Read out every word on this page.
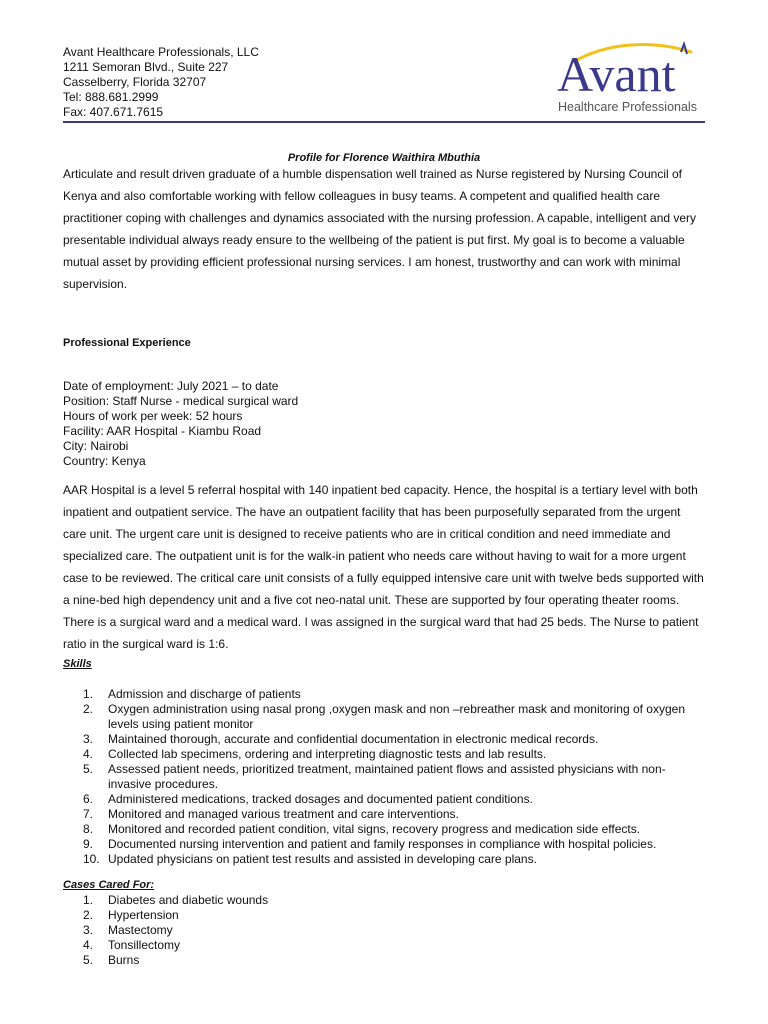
Avant Healthcare Professionals, LLC
1211 Semoran Blvd., Suite 227
Casselberry, Florida 32707
Tel: 888.681.2999
Fax: 407.671.7615
Avant
Healthcare Professionals
Profile for Florence Waithira Mbuthia
Articulate and result driven graduate of a humble dispensation well trained as Nurse registered by Nursing Council of Kenya and also comfortable working with fellow colleagues in busy teams. A competent and qualified health care practitioner coping with challenges and dynamics associated with the nursing profession. A capable, intelligent and very presentable individual always ready ensure to the wellbeing of the patient is put first. My goal is to become a valuable mutual asset by providing efficient professional nursing services. I am honest, trustworthy and can work with minimal supervision.
Professional Experience
Date of employment: July 2021 – to date
Position: Staff Nurse - medical surgical ward
Hours of work per week: 52 hours
Facility: AAR Hospital - Kiambu Road
City: Nairobi
Country: Kenya
AAR Hospital is a level 5 referral hospital with 140 inpatient bed capacity. Hence, the hospital is a tertiary level with both inpatient and outpatient service. The have an outpatient facility that has been purposefully separated from the urgent care unit. The urgent care unit is designed to receive patients who are in critical condition and need immediate and specialized care. The outpatient unit is for the walk-in patient who needs care without having to wait for a more urgent case to be reviewed. The critical care unit consists of a fully equipped intensive care unit with twelve beds supported with a nine-bed high dependency unit and a five cot neo-natal unit. These are supported by four operating theater rooms. There is a surgical ward and a medical ward. I was assigned in the surgical ward that had 25 beds. The Nurse to patient ratio in the surgical ward is 1:6.
Skills
1.	Admission and discharge of patients
2.	Oxygen administration using nasal prong ,oxygen mask and non –rebreather mask and monitoring of oxygen levels using patient monitor
3.	Maintained thorough, accurate and confidential documentation in electronic medical records.
4.	Collected lab specimens, ordering and interpreting diagnostic tests and lab results.
5.	Assessed patient needs, prioritized treatment, maintained patient flows and assisted physicians with non-invasive procedures.
6.	Administered medications, tracked dosages and documented patient conditions.
7.	Monitored and managed various treatment and care interventions.
8.	Monitored and recorded patient condition, vital signs, recovery progress and medication side effects.
9.	Documented nursing intervention and patient and family responses in compliance with hospital policies.
10. Updated physicians on patient test results and assisted in developing care plans.
Cases Cared For:
1.	Diabetes and diabetic wounds
2.	Hypertension
3.	Mastectomy
4.	Tonsillectomy
5.	Burns
